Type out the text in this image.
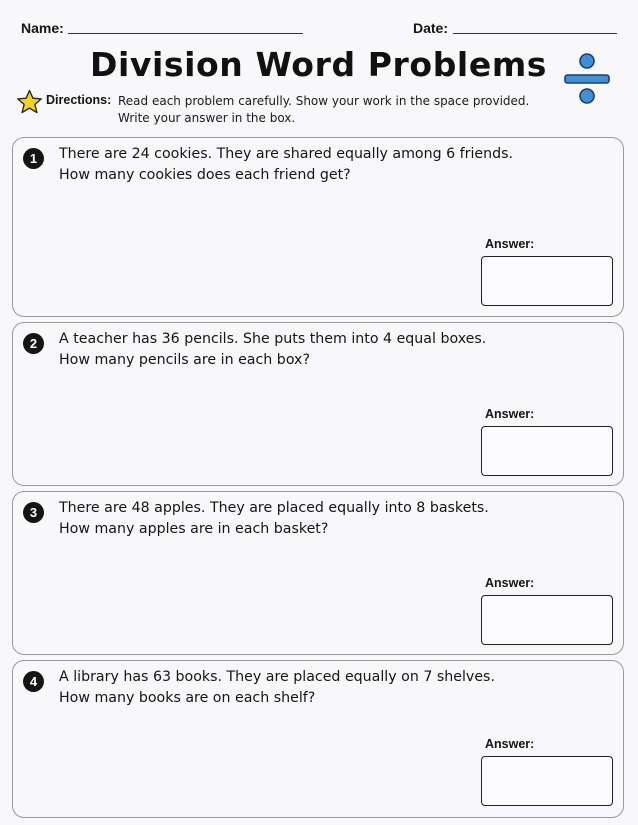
Name:	Date:
Division Word Problems
Directions: Read each problem carefully. Show your work in the space provided.
Write your answer in the box.
1	There are 24 cookies. They are shared equally among 6 friends.
How many cookies does each friend get?
Answer:
2	A teacher has 36 pencils. She puts them into 4 equal boxes.
How many pencils are in each box?
Answer:
3	There are 48 apples. They are placed equally into 8 baskets.
How many apples are in each basket?
Answer:
4	A library has 63 books. They are placed equally on 7 shelves.
How many books are on each shelf?
Answer:
